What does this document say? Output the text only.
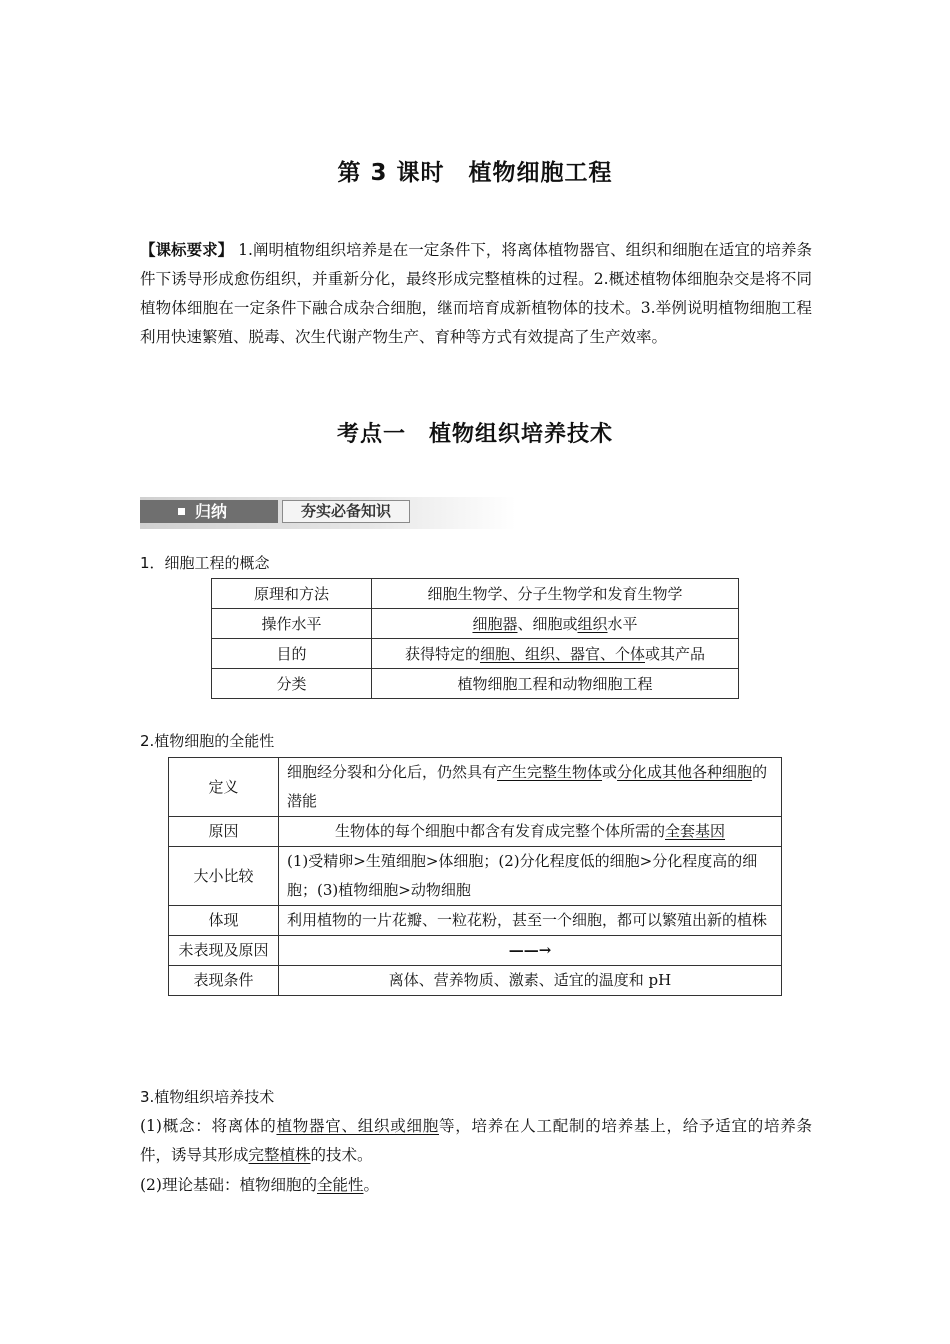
第 3 课时　植物细胞工程

【课标要求】 1.阐明植物组织培养是在一定条件下，将离体植物器官、组织和细胞在适宜的培养条件下诱导形成愈伤组织，并重新分化，最终形成完整植株的过程。2.概述植物体细胞杂交是将不同植物体细胞在一定条件下融合成杂合细胞，继而培育成新植物体的技术。3.举例说明植物细胞工程利用快速繁殖、脱毒、次生代谢产物生产、育种等方式有效提高了生产效率。

考点一　植物组织培养技术
归纳	夯实必备知识

1．细胞工程的概念

原理和方法	细胞生物学、分子生物学和发育生物学
操作水平	细胞器、细胞或组织水平
目的	获得特定的细胞、组织、器官、个体或其产品
分类	植物细胞工程和动物细胞工程

2.植物细胞的全能性

定义	细胞经分裂和分化后，仍然具有产生完整生物体或分化成其他各种细胞的潜能
原因	生物体的每个细胞中都含有发育成完整个体所需的全套基因
大小比较	(1)受精卵>生殖细胞>体细胞；(2)分化程度低的细胞>分化程度高的细胞；(3)植物细胞>动物细胞
体现	利用植物的一片花瓣、一粒花粉，甚至一个细胞，都可以繁殖出新的植株
未表现及原因	——→
表现条件	离体、营养物质、激素、适宜的温度和 pH

3.植物组织培养技术

(1)概念：将离体的植物器官、组织或细胞等，培养在人工配制的培养基上，给予适宜的培养条件，诱导其形成完整植株的技术。

(2)理论基础：植物细胞的全能性。
